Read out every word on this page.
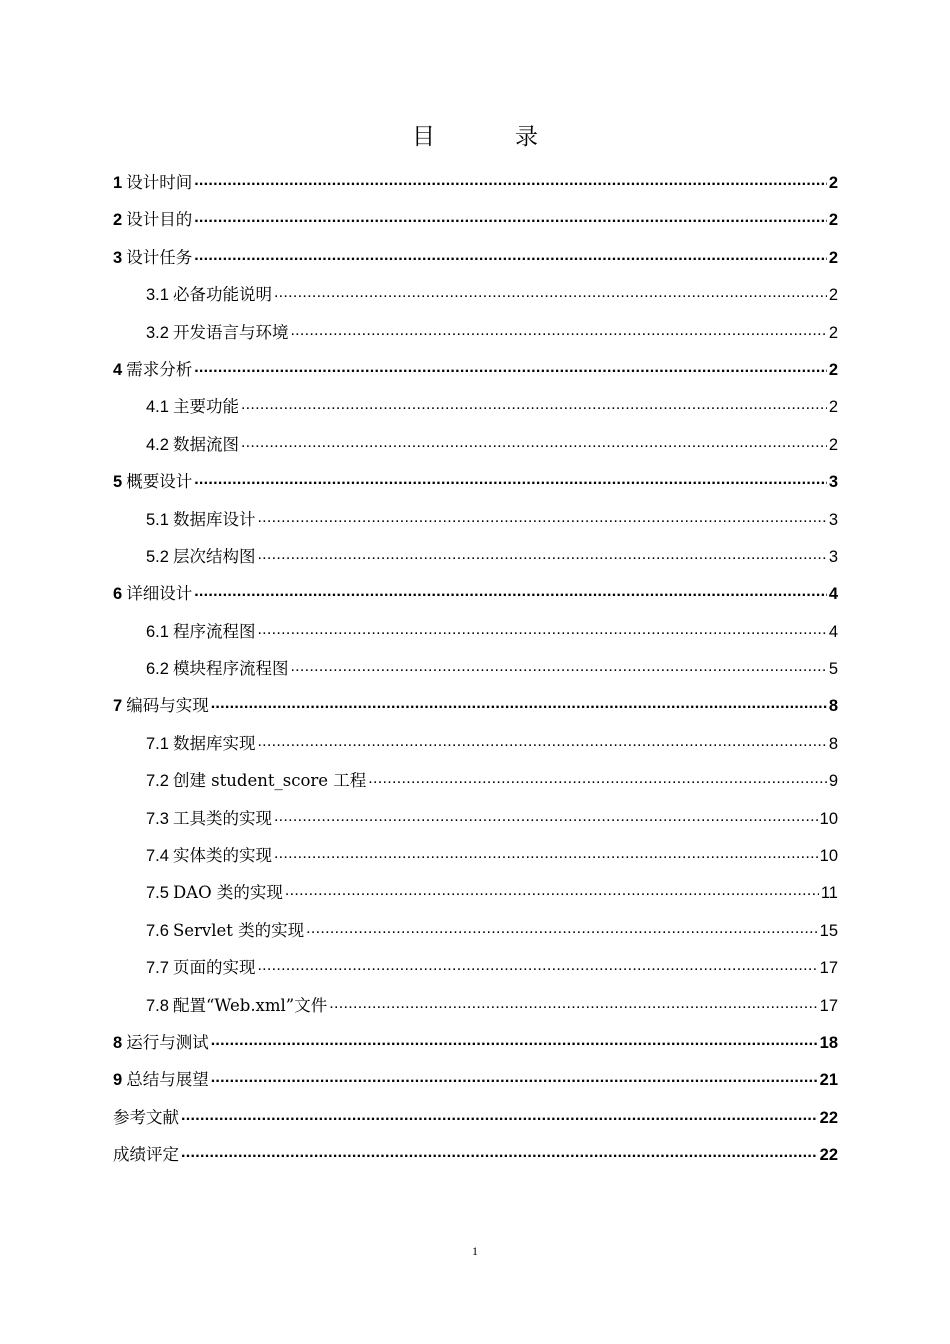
目	录
1 设计时间 .....	2
2 设计目的 .....	2
3 设计任务 .....	2
3.1 必备功能说明 .....	2
3.2 开发语言与环境 .....	2
4 需求分析 .....	2
4.1 主要功能 .....	2
4.2 数据流图 .....	2
5 概要设计 .....	3
5.1 数据库设计 .....	3
5.2 层次结构图 .....	3
6 详细设计 .....	4
6.1 程序流程图 .....	4
6.2 模块程序流程图 .....	5
7 编码与实现 .....	8
7.1 数据库实现 .....	8
7.2 创建 student_score 工程 .....	9
7.3 工具类的实现 .....	10
7.4 实体类的实现 .....	10
7.5 DAO 类的实现 .....	11
7.6 Servlet 类的实现 .....	15
7.7 页面的实现 .....	17
7.8 配置“Web.xml”文件 .....	17
8 运行与测试 .....	18
9 总结与展望 .....	21
参考文献 .....	22
成绩评定 .....	22
1
